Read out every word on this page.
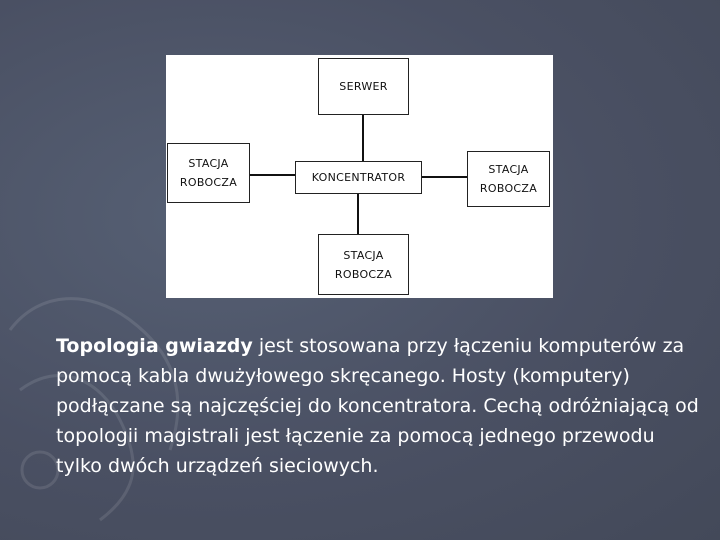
SERWER
KONCENTRATOR
STACJA
ROBOCZA
STACJA
ROBOCZA
STACJA
ROBOCZA
Topologia gwiazdy jest stosowana przy łączeniu komputerów za pomocą kabla dwużyłowego skręcanego. Hosty (komputery) podłączane są najczęściej do koncentratora. Cechą odróżniającą od topologii magistrali jest łączenie za pomocą jednego przewodu tylko dwóch urządzeń sieciowych.
